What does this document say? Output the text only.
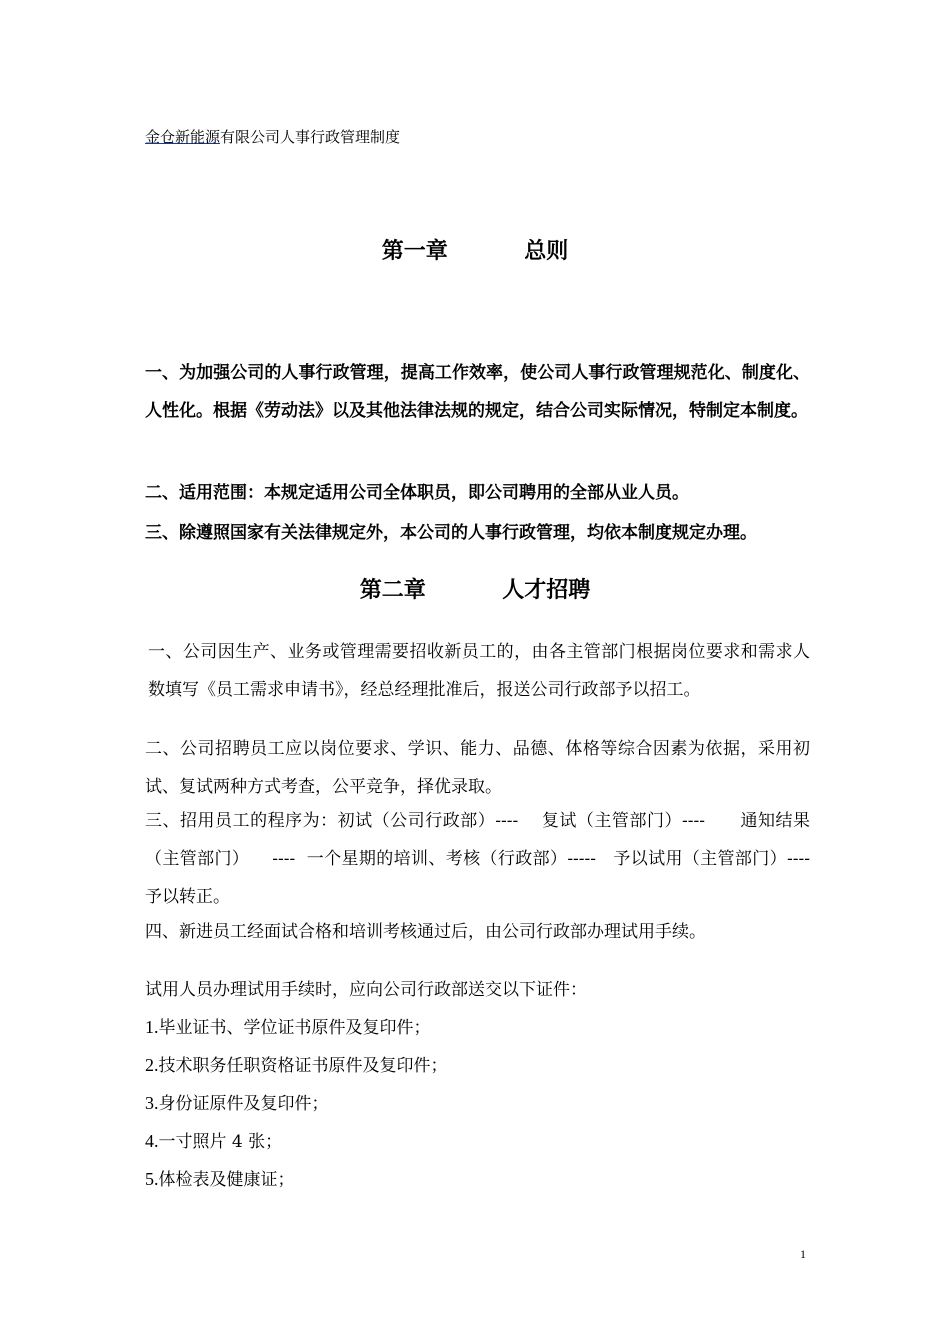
金仓新能源有限公司人事行政管理制度
第一章          总则
一、为加强公司的人事行政管理，提高工作效率，使公司人事行政管理规范化、制度化、人性化。根据《劳动法》以及其他法律法规的规定，结合公司实际情况，特制定本制度。
二、适用范围：本规定适用公司全体职员，即公司聘用的全部从业人员。
三、除遵照国家有关法律规定外，本公司的人事行政管理，均依本制度规定办理。
第二章          人才招聘
一、公司因生产、业务或管理需要招收新员工的，由各主管部门根据岗位要求和需求人数填写《员工需求申请书》，经总经理批准后，报送公司行政部予以招工。
二、公司招聘员工应以岗位要求、学识、能力、品德、体格等综合因素为依据，采用初试、复试两种方式考查，公平竞争，择优录取。
三、招用员工的程序为：初试（公司行政部）----    复试（主管部门）----      通知结果（主管部门）    ----  一个星期的培训、考核（行政部）-----   予以试用（主管部门）----   予以转正。
四、新进员工经面试合格和培训考核通过后，由公司行政部办理试用手续。
试用人员办理试用手续时，应向公司行政部送交以下证件：
1.毕业证书、学位证书原件及复印件；
2.技术职务任职资格证书原件及复印件；
3.身份证原件及复印件；
4.一寸照片 4 张；
5.体检表及健康证；
1
